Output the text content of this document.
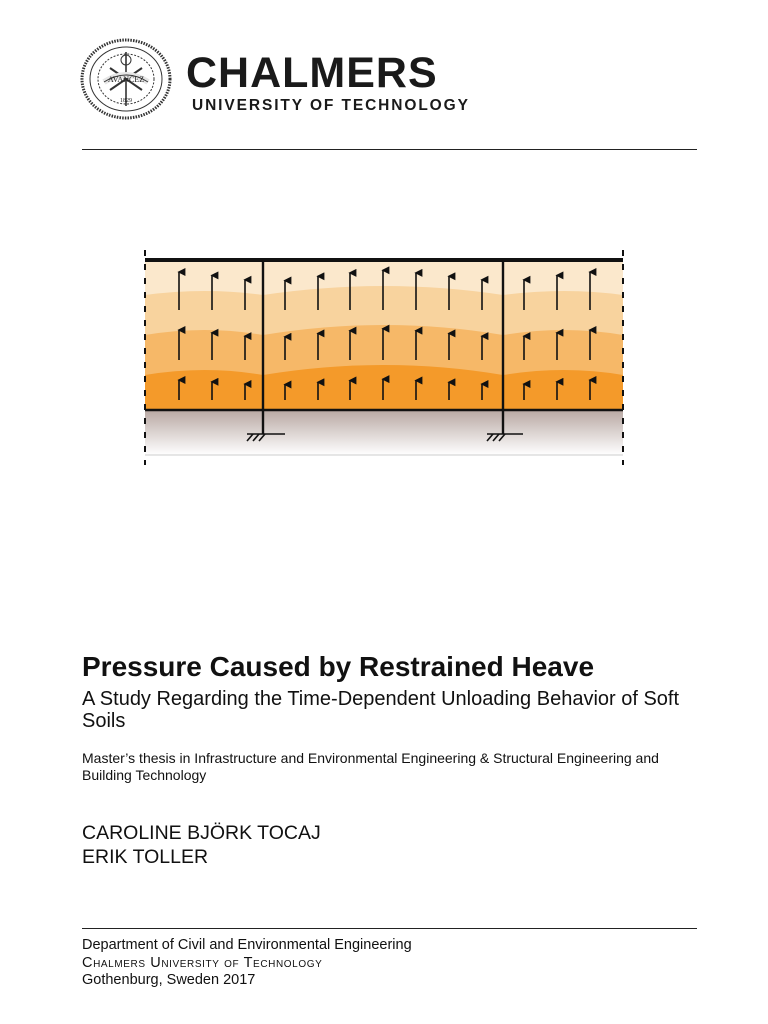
AVANCEZ
1829
CHALMERS
UNIVERSITY OF TECHNOLOGY
Pressure Caused by Restrained Heave
A Study Regarding the Time-Dependent Unloading Behavior of Soft Soils
Master’s thesis in Infrastructure and Environmental Engineering & Structural Engineering and Building Technology
CAROLINE BJÖRK TOCAJ
ERIK TOLLER
Department of Civil and Environmental Engineering
Chalmers University of Technology
Gothenburg, Sweden 2017
